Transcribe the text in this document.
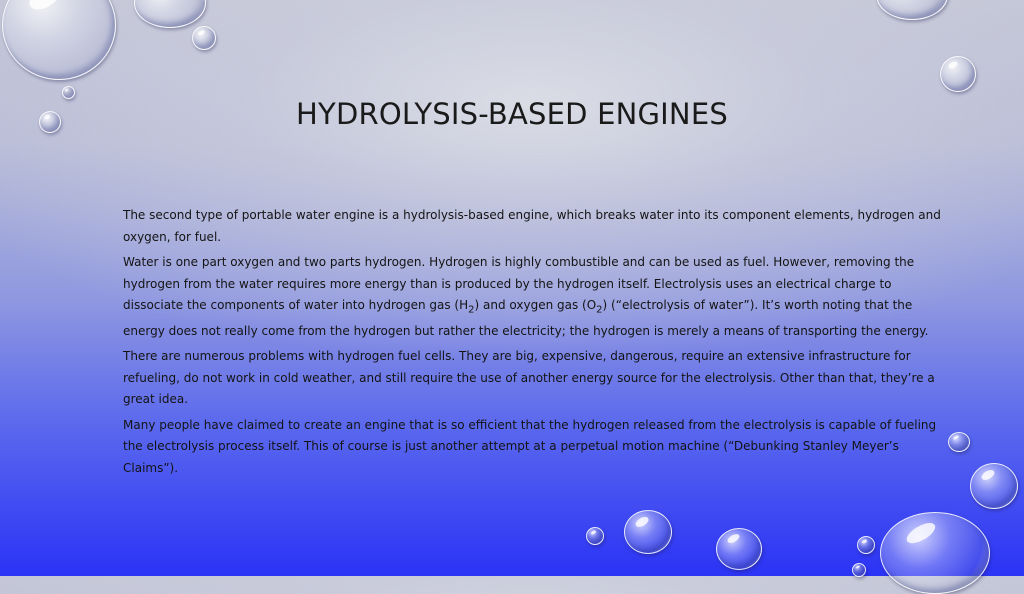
HYDROLYSIS-BASED ENGINES

The second type of portable water engine is a hydrolysis-based engine, which breaks water into its component elements, hydrogen and oxygen, for fuel.

Water is one part oxygen and two parts hydrogen. Hydrogen is highly combustible and can be used as fuel. However, removing the hydrogen from the water requires more energy than is produced by the hydrogen itself. Electrolysis uses an electrical charge to dissociate the components of water into hydrogen gas $(H_2)$ and oxygen gas $(O_2)$ (“electrolysis of water”). It’s worth noting that the energy does not really come from the hydrogen but rather the electricity; the hydrogen is merely a means of transporting the energy.

There are numerous problems with hydrogen fuel cells. They are big, expensive, dangerous, require an extensive infrastructure for refueling, do not work in cold weather, and still require the use of another energy source for the electrolysis. Other than that, they’re a great idea.

Many people have claimed to create an engine that is so efficient that the hydrogen released from the electrolysis is capable of fueling the electrolysis process itself. This of course is just another attempt at a perpetual motion machine (“Debunking Stanley Meyer’s Claims”).
